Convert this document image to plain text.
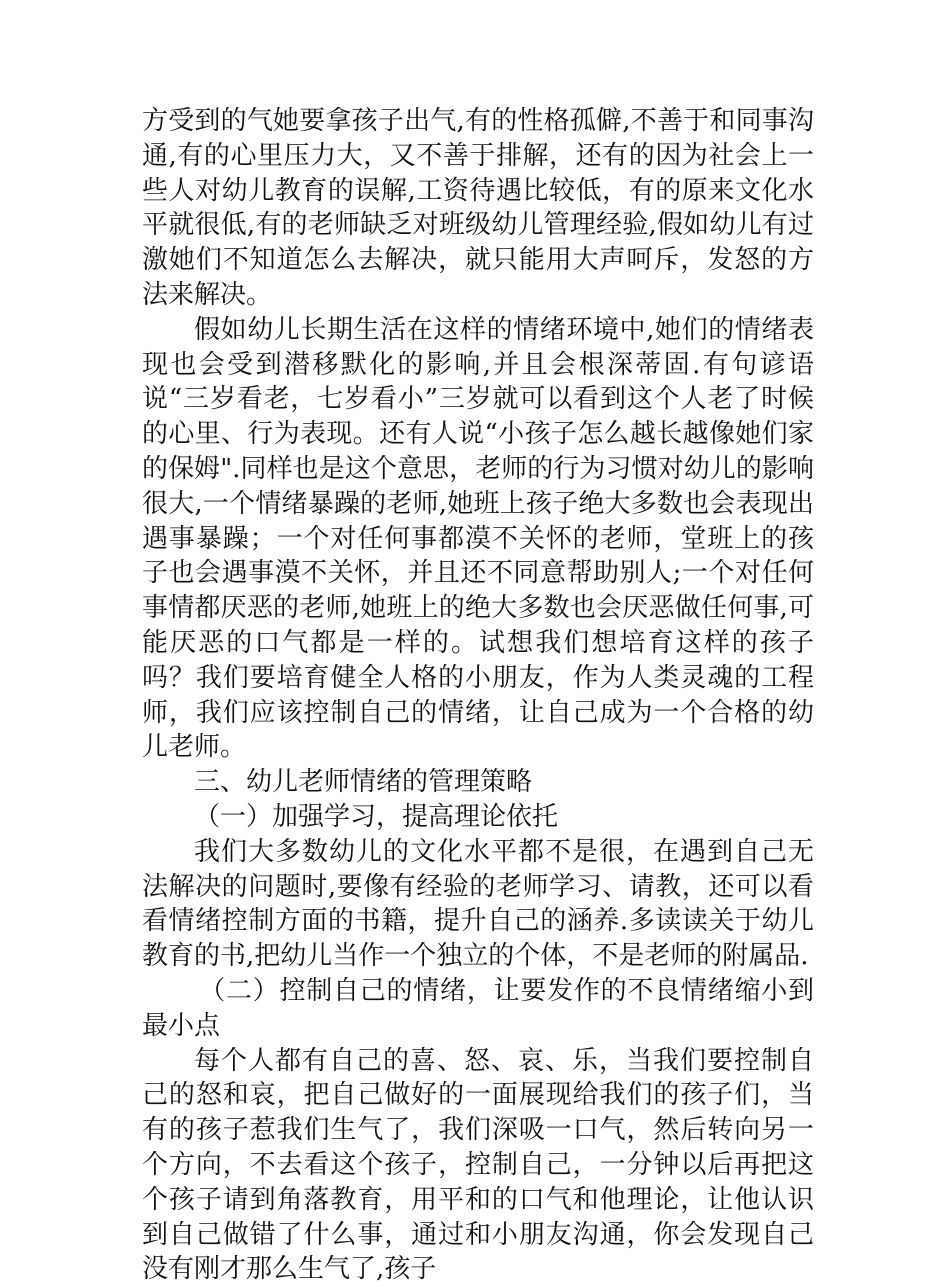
方受到的气她要拿孩子出气,有的性格孤僻,不善于和同事沟通,有的心里压力大，又不善于排解，还有的因为社会上一些人对幼儿教育的误解,工资待遇比较低，有的原来文化水平就很低,有的老师缺乏对班级幼儿管理经验,假如幼儿有过激她们不知道怎么去解决，就只能用大声呵斥，发怒的方法来解决。

假如幼儿长期生活在这样的情绪环境中,她们的情绪表现也会受到潜移默化的影响,并且会根深蒂固.有句谚语说“三岁看老，七岁看小”三岁就可以看到这个人老了时候的心里、行为表现。还有人说“小孩子怎么越长越像她们家的保姆".同样也是这个意思，老师的行为习惯对幼儿的影响很大,一个情绪暴躁的老师,她班上孩子绝大多数也会表现出遇事暴躁；一个对任何事都漠不关怀的老师，堂班上的孩子也会遇事漠不关怀，并且还不同意帮助别人;一个对任何事情都厌恶的老师,她班上的绝大多数也会厌恶做任何事,可能厌恶的口气都是一样的。试想我们想培育这样的孩子吗？我们要培育健全人格的小朋友，作为人类灵魂的工程师，我们应该控制自己的情绪，让自己成为一个合格的幼儿老师。

三、幼儿老师情绪的管理策略

（一）加强学习，提高理论依托

我们大多数幼儿的文化水平都不是很，在遇到自己无法解决的问题时,要像有经验的老师学习、请教，还可以看看情绪控制方面的书籍，提升自己的涵养.多读读关于幼儿教育的书,把幼儿当作一个独立的个体，不是老师的附属品.

（二）控制自己的情绪，让要发作的不良情绪缩小到最小点

每个人都有自己的喜、怒、哀、乐，当我们要控制自己的怒和哀，把自己做好的一面展现给我们的孩子们，当有的孩子惹我们生气了，我们深吸一口气，然后转向另一个方向，不去看这个孩子，控制自己，一分钟以后再把这个孩子请到角落教育，用平和的口气和他理论，让他认识到自己做错了什么事，通过和小朋友沟通，你会发现自己没有刚才那么生气了,孩子
